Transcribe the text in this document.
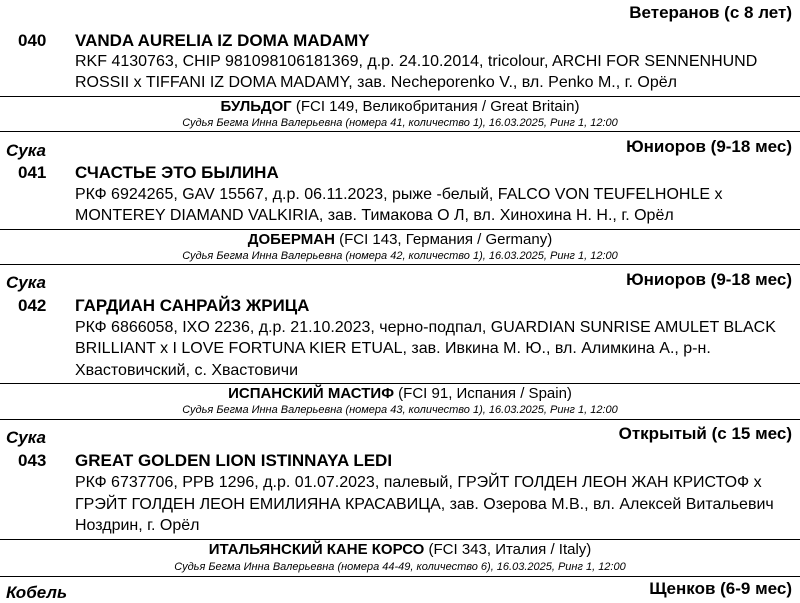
Ветеранов (с 8 лет)
040 VANDA AURELIA IZ DOMA MADAMY
RKF 4130763, CHIP 981098106181369, д.р. 24.10.2014, tricolour, ARCHI FOR SENNENHUND
ROSSII x TIFFANI IZ DOMA MADAMY, зав. Necheporenko V., вл. Penko M., г. Орёл
БУЛЬДОГ (FCI 149, Великобритания / Great Britain)
Судья Бегма Инна Валерьевна (номера 41, количество 1), 16.03.2025, Ринг 1, 12:00
Сука	Юниоров (9-18 мес)
041 СЧАСТЬЕ ЭТО БЫЛИНА
РКФ 6924265, GAV 15567, д.р. 06.11.2023, рыже -белый, FALCO VON TEUFELHOHLE x
MONTEREY DIAMAND VALKIRIA, зав. Тимакова О Л, вл. Хинохина Н. Н., г. Орёл
ДОБЕРМАН (FCI 143, Германия / Germany)
Судья Бегма Инна Валерьевна (номера 42, количество 1), 16.03.2025, Ринг 1, 12:00
Сука	Юниоров (9-18 мес)
042 ГАРДИАН САНРАЙЗ ЖРИЦА
РКФ 6866058, IXO 2236, д.р. 21.10.2023, черно-подпал, GUARDIAN SUNRISE AMULET BLACK
BRILLIANT x I LOVE FORTUNA KIER ETUAL, зав. Ивкина М. Ю., вл. Алимкина А., р-н.
Хвастовичский, с. Хвастовичи
ИСПАНСКИЙ МАСТИФ (FCI 91, Испания / Spain)
Судья Бегма Инна Валерьевна (номера 43, количество 1), 16.03.2025, Ринг 1, 12:00
Сука	Открытый (с 15 мес)
043 GREAT GOLDEN LION ISTINNAYA LEDI
РКФ 6737706, PPB 1296, д.р. 01.07.2023, палевый, ГРЭЙТ ГОЛДЕН ЛЕОН ЖАН КРИСТОФ x
ГРЭЙТ ГОЛДЕН ЛЕОН ЕМИЛИЯНА КРАСАВИЦА, зав. Озерова М.В., вл. Алексей Витальевич
Ноздрин, г. Орёл
ИТАЛЬЯНСКИЙ КАНЕ КОРСО (FCI 343, Италия / Italy)
Судья Бегма Инна Валерьевна (номера 44-49, количество 6), 16.03.2025, Ринг 1, 12:00
Кобель	Щенков (6-9 мес)
